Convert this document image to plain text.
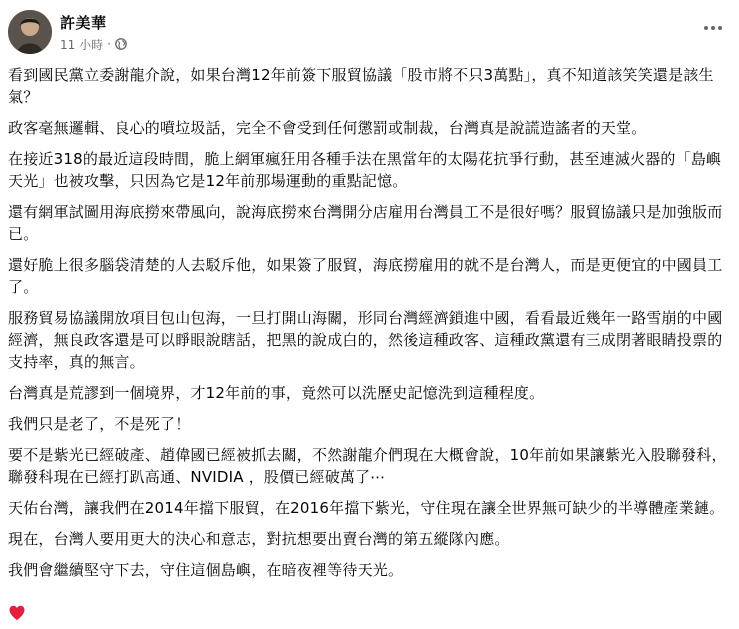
許美華
11 小時 ·

看到國民黨立委謝龍介說，如果台灣12年前簽下服貿協議「股市將不只3萬點」，真不知道該笑笑還是該生氣？

政客毫無邏輯、良心的噴垃圾話，完全不會受到任何懲罰或制裁，台灣真是說謊造謠者的天堂。

在接近318的最近這段時間，脆上網軍瘋狂用各種手法在黑當年的太陽花抗爭行動，甚至連滅火器的「島嶼天光」也被攻擊，只因為它是12年前那場運動的重點記憶。

還有網軍試圖用海底撈來帶風向，說海底撈來台灣開分店雇用台灣員工不是很好嗎？服貿協議只是加強版而已。

還好脆上很多腦袋清楚的人去駁斥他，如果簽了服貿，海底撈雇用的就不是台灣人，而是更便宜的中國員工了。

服務貿易協議開放項目包山包海，一旦打開山海關，形同台灣經濟鎖進中國，看看最近幾年一路雪崩的中國經濟，無良政客還是可以睜眼說瞎話，把黑的說成白的，然後這種政客、這種政黨還有三成閉著眼睛投票的支持率，真的無言。

台灣真是荒謬到一個境界，才12年前的事，竟然可以洗歷史記憶洗到這種程度。

我們只是老了，不是死了！

要不是紫光已經破產、趙偉國已經被抓去關，不然謝龍介們現在大概會說，10年前如果讓紫光入股聯發科，聯發科現在已經打趴高通、NVIDIA ，股價已經破萬了⋯

天佑台灣，讓我們在2014年擋下服貿，在2016年擋下紫光，守住現在讓全世界無可缺少的半導體產業鏈。

現在，台灣人要用更大的決心和意志，對抗想要出賣台灣的第五縱隊內應。

我們會繼續堅守下去，守住這個島嶼，在暗夜裡等待天光。
